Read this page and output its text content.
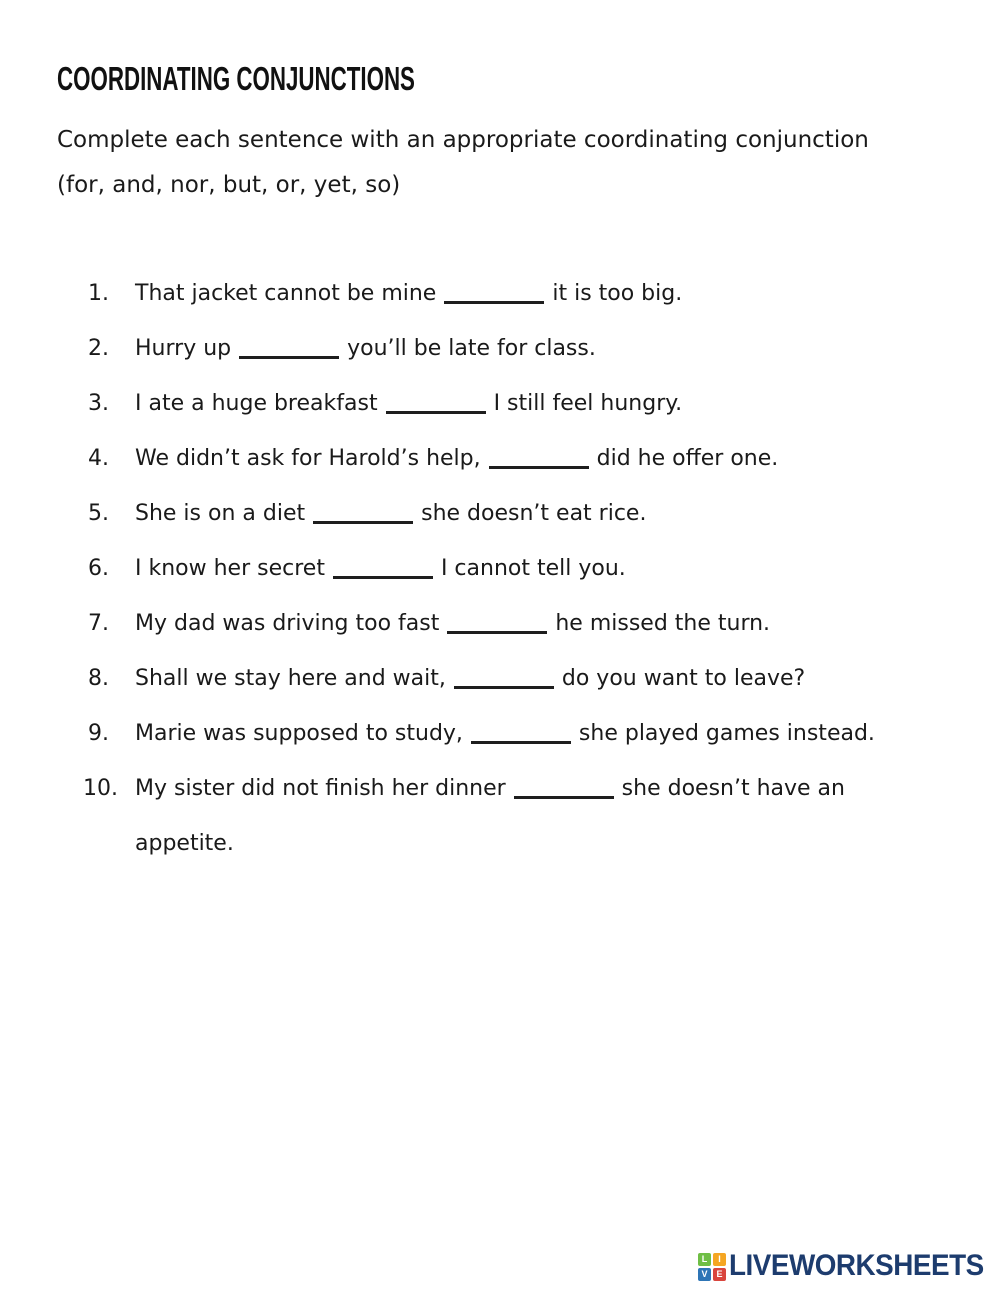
COORDINATING CONJUNCTIONS
Complete each sentence with an appropriate coordinating conjunction
(for, and, nor, but, or, yet, so)
1.	That jacket cannot be mine	it is too big.
2.	Hurry up	you’ll be late for class.
3.	I ate a huge breakfast	I still feel hungry.
4.	We didn’t ask for Harold’s help,	did he offer one.
5.	She is on a diet	she doesn’t eat rice.
6.	I know her secret	I cannot tell you.
7.	My dad was driving too fast	he missed the turn.
8.	Shall we stay here and wait,	do you want to leave?
9.	Marie was supposed to study,	she played games instead.
10. My sister did not finish her dinner	she doesn’t have an
appetite.
L	I
V E LIVEWORKSHEETS
